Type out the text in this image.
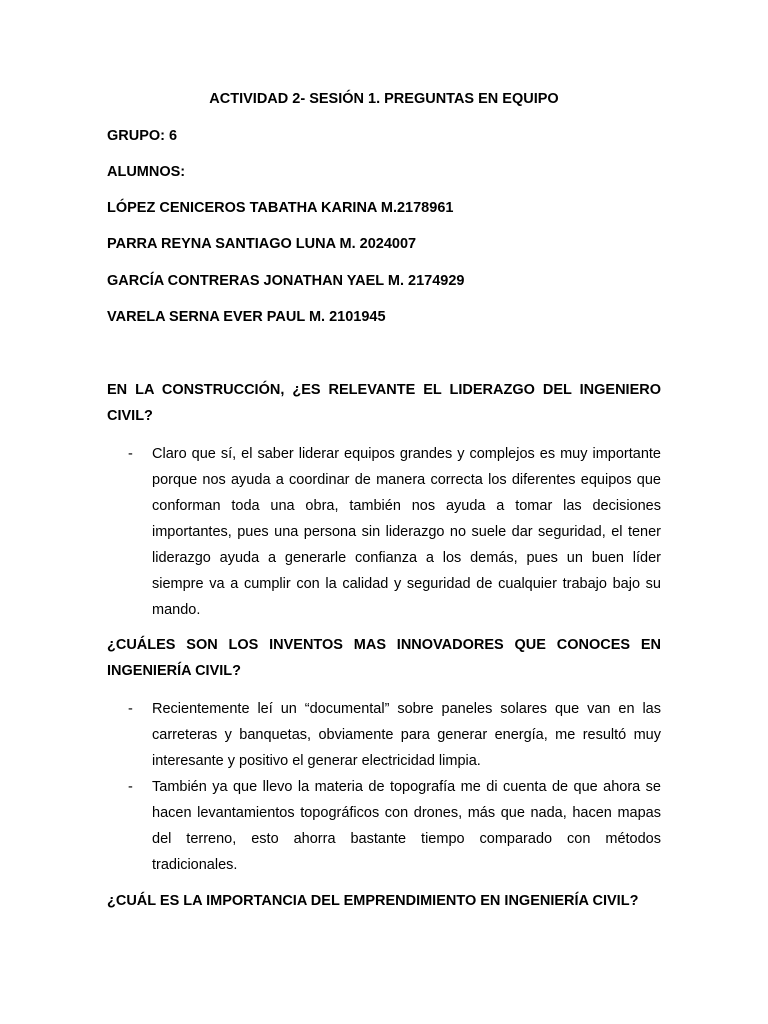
ACTIVIDAD 2- SESIÓN 1. PREGUNTAS EN EQUIPO

GRUPO: 6

ALUMNOS:

LÓPEZ CENICEROS TABATHA KARINA M.2178961

PARRA REYNA SANTIAGO LUNA M. 2024007

GARCÍA CONTRERAS JONATHAN YAEL M. 2174929

VARELA SERNA EVER PAUL M. 2101945

EN LA CONSTRUCCIÓN, ¿ES RELEVANTE EL LIDERAZGO DEL INGENIERO CIVIL?

- Claro que sí, el saber liderar equipos grandes y complejos es muy importante porque nos ayuda a coordinar de manera correcta los diferentes equipos que conforman toda una obra, también nos ayuda a tomar las decisiones importantes, pues una persona sin liderazgo no suele dar seguridad, el tener liderazgo ayuda a generarle confianza a los demás, pues un buen líder siempre va a cumplir con la calidad y seguridad de cualquier trabajo bajo su mando.

¿CUÁLES SON LOS INVENTOS MAS INNOVADORES QUE CONOCES EN INGENIERÍA CIVIL?

- Recientemente leí un “documental” sobre paneles solares que van en las carreteras y banquetas, obviamente para generar energía, me resultó muy interesante y positivo el generar electricidad limpia.
- También ya que llevo la materia de topografía me di cuenta de que ahora se hacen levantamientos topográficos con drones, más que nada, hacen mapas del terreno, esto ahorra bastante tiempo comparado con métodos tradicionales.

¿CUÁL ES LA IMPORTANCIA DEL EMPRENDIMIENTO EN INGENIERÍA CIVIL?
